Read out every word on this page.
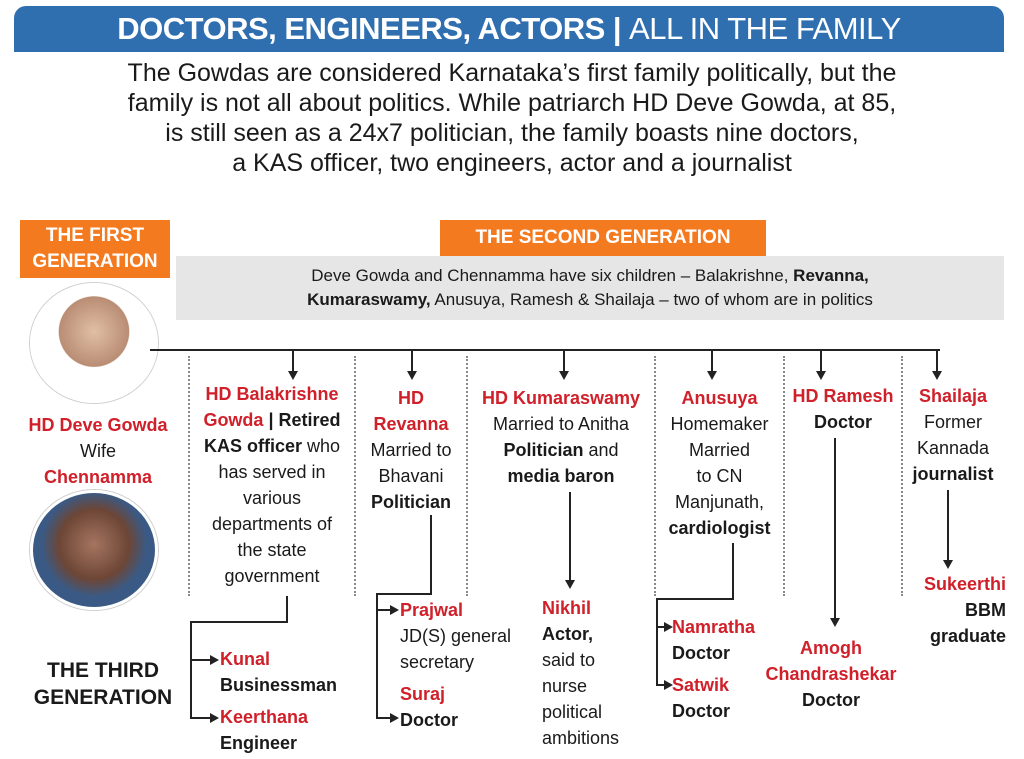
DOCTORS, ENGINEERS, ACTORS | ALL IN THE FAMILY
The Gowdas are considered Karnataka’s first family politically, but the
family is not all about politics. While patriarch HD Deve Gowda, at 85,
is still seen as a 24x7 politician, the family boasts nine doctors,
a KAS officer, two engineers, actor and a journalist
THE FIRST
GENERATION
THE SECOND GENERATION
Deve Gowda and Chennamma have six children – Balakrishne, Revanna,
Kumaraswamy, Anusuya, Ramesh & Shailaja – two of whom are in politics
HD Deve Gowda
Wife
Chennamma
HD Balakrishne
Gowda | Retired
KAS officer who
has served in
various
departments of
the state
government
HD
Revanna
Married to
Bhavani
Politician
HD Kumaraswamy
Married to Anitha
Politician and
media baron
Anusuya
Homemaker
Married
to CN
Manjunath,
cardiologist
HD Ramesh
Doctor
Shailaja
Former
Kannada
journalist
THE THIRD
GENERATION
Kunal
Businessman
Keerthana
Engineer
Prajwal
JD(S) general
secretary
Suraj
Doctor
Nikhil
Actor,
said to
nurse
political
ambitions
Namratha
Doctor
Satwik
Doctor
Amogh
Chandrashekar
Doctor
Sukeerthi
BBM
graduate
